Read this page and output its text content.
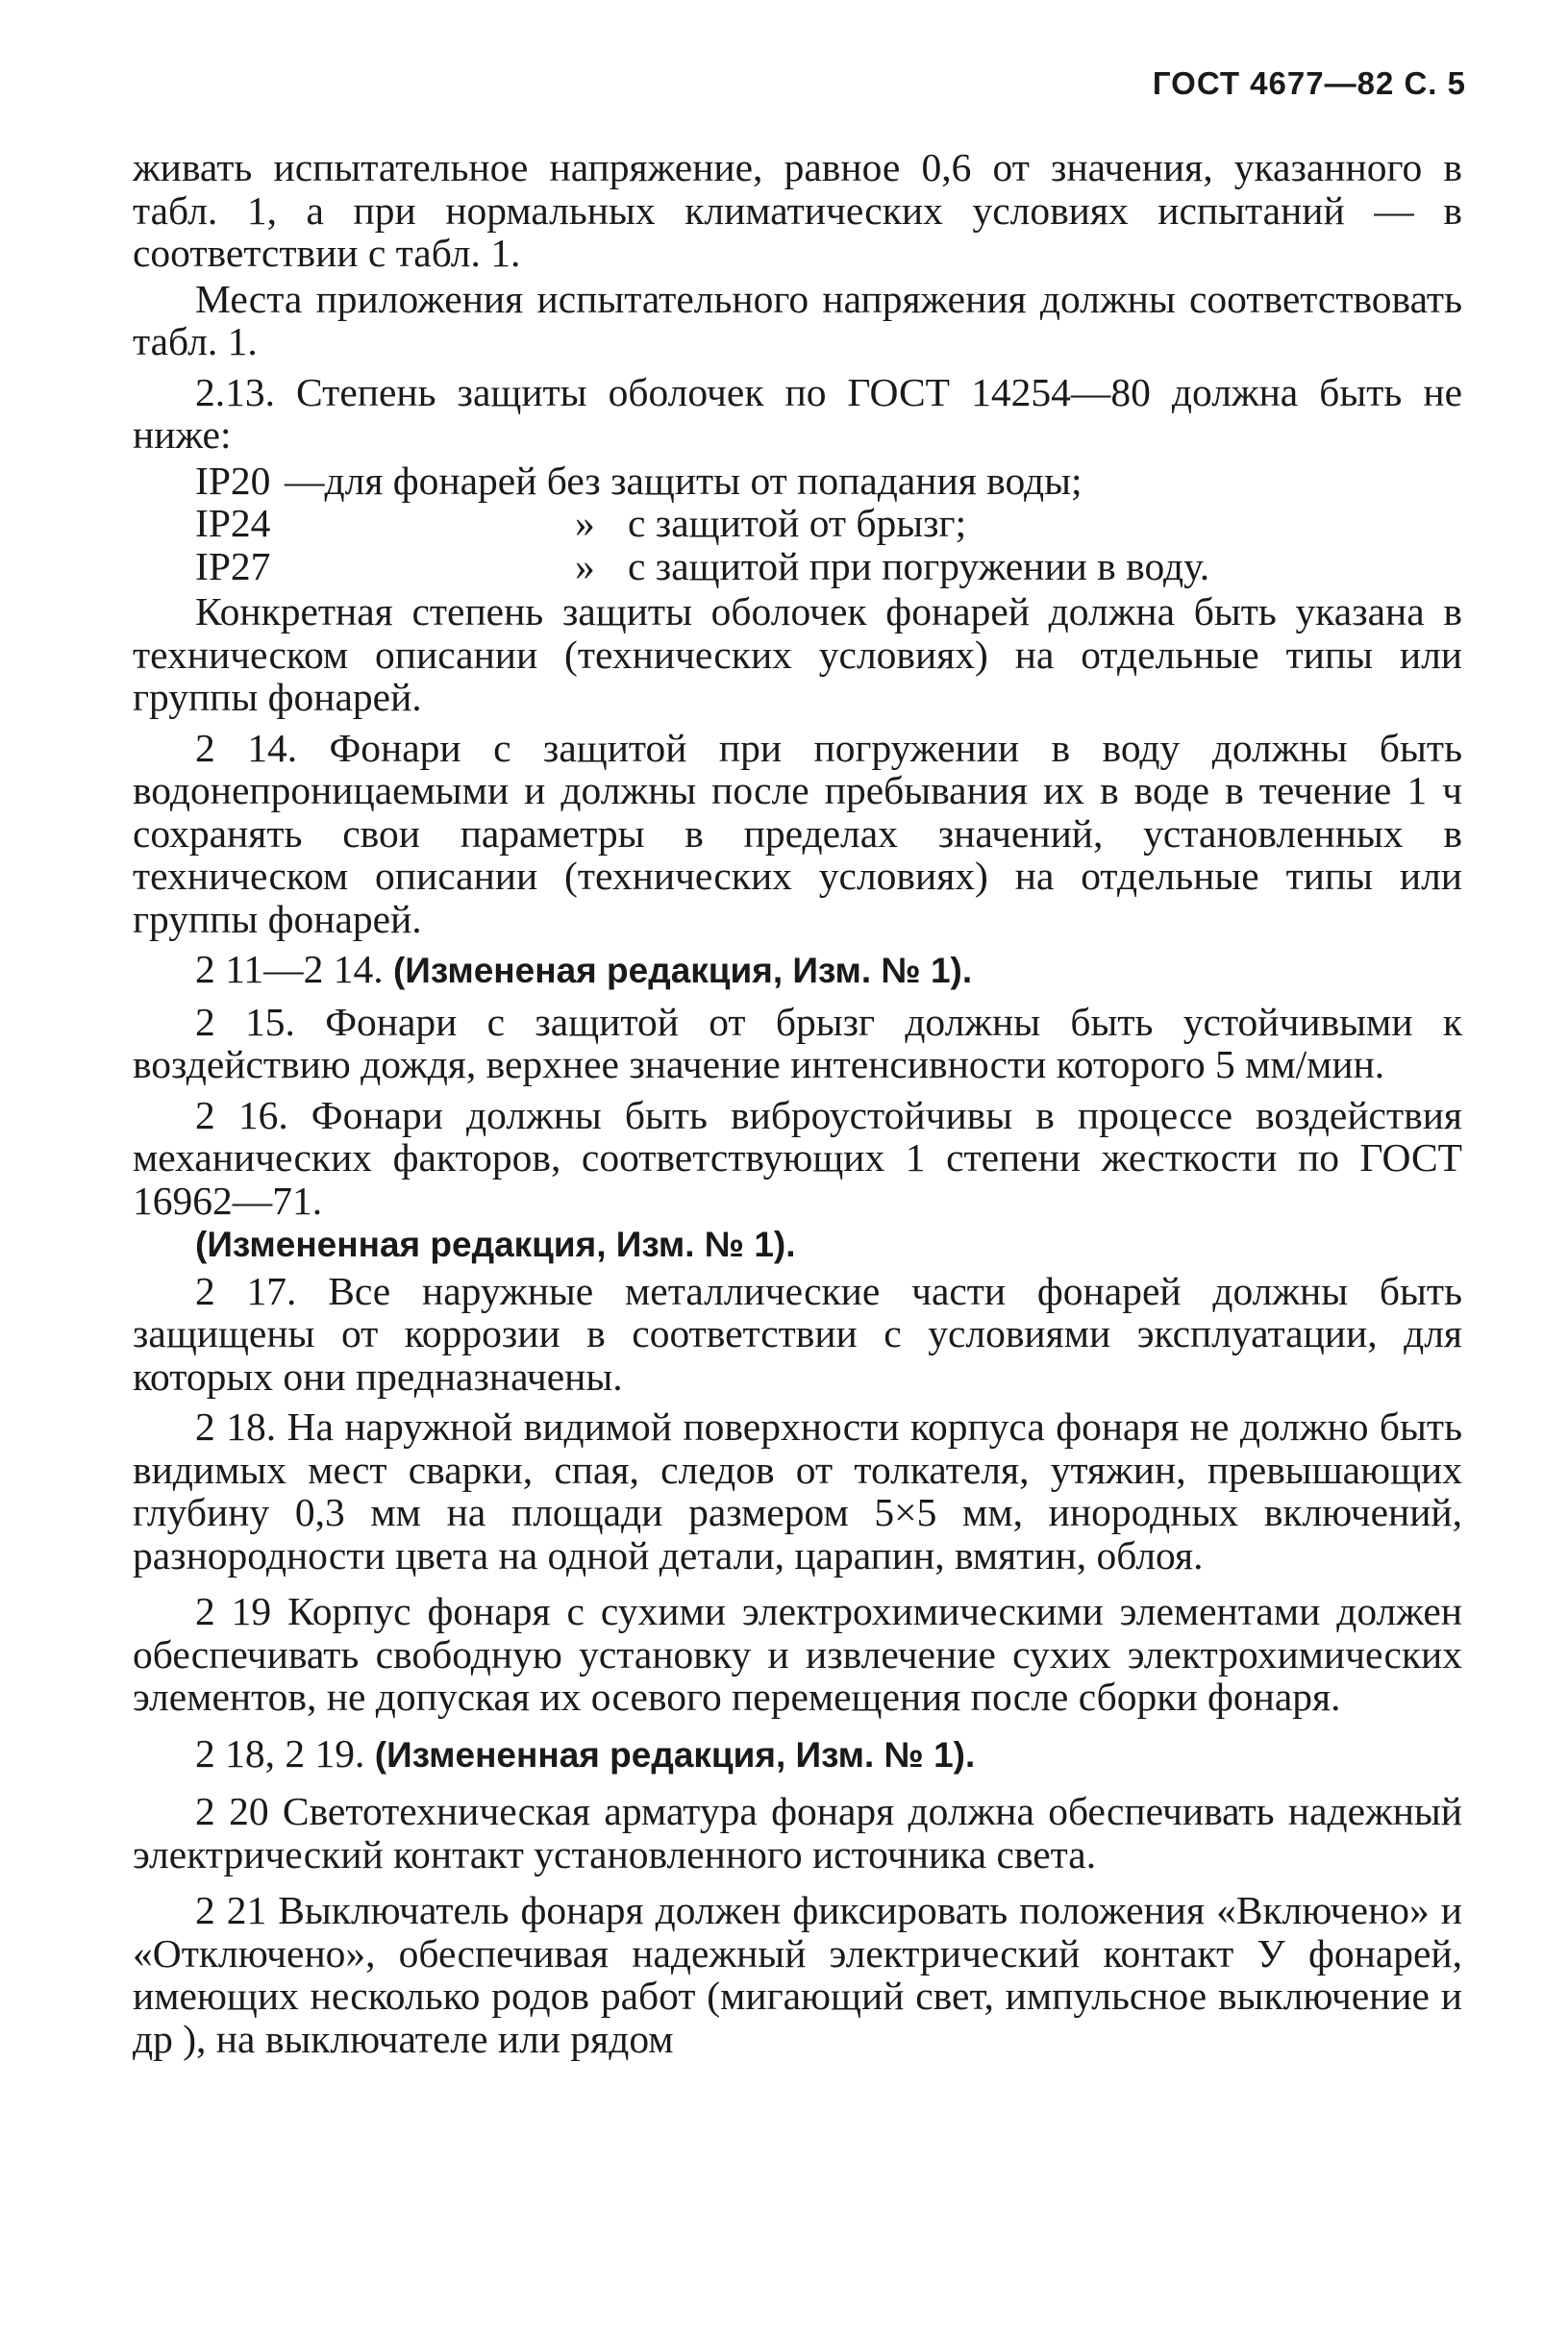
ГОСТ 4677—82 С. 5

живать испытательное напряжение, равное 0,6 от значения, указанного в табл. 1, а при нормальных климатических условиях испытаний — в соответствии с табл. 1.

Места приложения испытательного напряжения должны соответствовать табл. 1.

2.13. Степень защиты оболочек по ГОСТ 14254—80 должна быть не ниже:

IP20 — для фонарей без защиты от попадания воды;
IP24	» с защитой от брызг;
IP27	» с защитой при погружении в воду.

Конкретная степень защиты оболочек фонарей должна быть указана в техническом описании (технических условиях) на отдельные типы или группы фонарей.

2 14. Фонари с защитой при погружении в воду должны быть водонепроницаемыми и должны после пребывания их в воде в течение 1 ч сохранять свои параметры в пределах значений, установленных в техническом описании (технических условиях) на отдельные типы или группы фонарей.

2 11—2 14. (Измененая редакция, Изм. № 1).

2 15. Фонари с защитой от брызг должны быть устойчивыми к воздействию дождя, верхнее значение интенсивности которого 5 мм/мин.

2 16. Фонари должны быть виброустойчивы в процессе воздействия механических факторов, соответствующих 1 степени жесткости по ГОСТ 16962—71.

(Измененная редакция, Изм. № 1).

2 17. Все наружные металлические части фонарей должны быть защищены от коррозии в соответствии с условиями эксплуатации, для которых они предназначены.

2 18. На наружной видимой поверхности корпуса фонаря не должно быть видимых мест сварки, спая, следов от толкателя, утяжин, превышающих глубину 0,3 мм на площади размером 5×5 мм, инородных включений, разнородности цвета на одной детали, царапин, вмятин, облоя.

2 19 Корпус фонаря с сухими электрохимическими элементами должен обеспечивать свободную установку и извлечение сухих электрохимических элементов, не допуская их осевого перемещения после сборки фонаря.

2 18, 2 19. (Измененная редакция, Изм. № 1).

2 20 Светотехническая арматура фонаря должна обеспечивать надежный электрический контакт установленного источника света.

2 21 Выключатель фонаря должен фиксировать положения «Включено» и «Отключено», обеспечивая надежный электрический контакт У фонарей, имеющих несколько родов работ (мигающий свет, импульсное выключение и др ), на выключателе или рядом
